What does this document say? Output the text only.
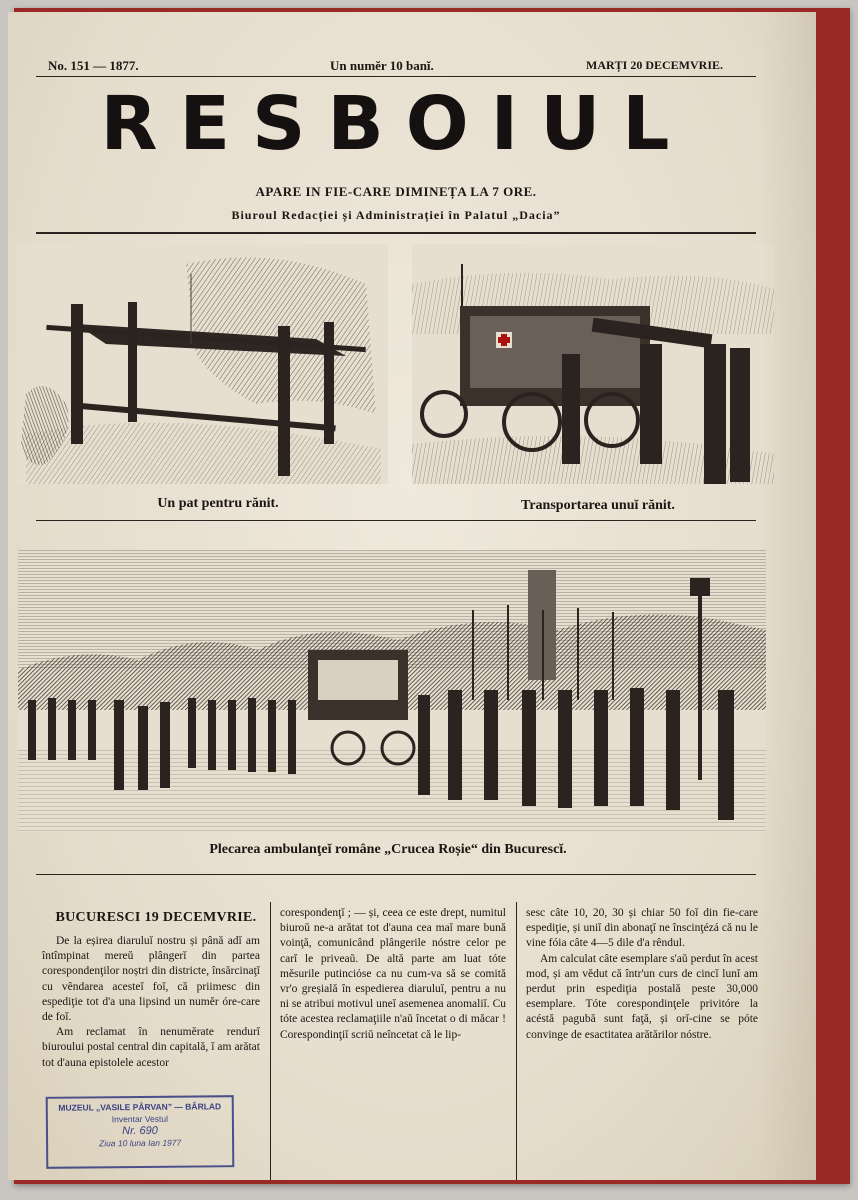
No. 151 — 1877.	Un numĕr 10 banĭ.	MARȚI 20 DECEMVRIE.
RESBOIUL
APARE IN FIE-CARE DIMINEȚA LA 7 ORE.
Biuroul Redacției și Administrației în Palatul „Dacia”
Un pat pentru rănit.	Transportarea unuĭ rănit.
Plecarea ambulanţeĭ române „Crucea Roșie“ din Bucurescĭ.
BUCURESCI 19 DECEMVRIE.

De la eșirea diaruluĭ nostru și până adĭ am întîmpinat mereŭ plângerĭ din partea corespondenţilor noștri din districte, însărcinaţĭ cu vêndarea acesteĭ foĭ, că priimesc din espediţie tot d'a una lipsind un numĕr óre-care de foĭ.

Am reclamat în nenumĕrate rendurĭ biuroului postal central din capitală, ĭ am arătat tot d'auna epistolele acestor

corespondenţĭ ; — și, ceea ce este drept, numitul biuroŭ ne-a arătat tot d'auna cea maĭ mare bună voinţă, comunicând plângerile nóstre celor pe carĭ le priveaŭ. De altă parte am luat tóte mĕsurile putinciόse ca nu cum-va să se comită vr'o greșială în espedierea diaruluĭ, pentru a nu ni se atribui motivul uneĭ asemenea anomaliĭ. Cu tóte acestea reclamaţiile n'aŭ încetat o di măcar ! Corespondinţiĭ scriŭ neîncetat că le lip-

sesc câte 10, 20, 30 și chiar 50 foĭ din fie-care espediţie, și uniĭ din abonaţĭ ne înscinţézá că nu le vine fóia câte 4—5 dile d'a rêndul.

Am calculat câte esemplare s'aŭ perdut în acest mod, și am vĕdut că într'un curs de cincĭ lunĭ am perdut prin espediţia postală peste 30,000 esemplare. Tóte corespondinţele privitóre la acéstă pagubă sunt faţă, și orĭ-cine se póte convinge de esactitatea arătărilor nóstre.

MUZEUL „VASILE PÂRVAN” — BÂRLAD
Inventar Vestul
Nr. 690
Ziua 10 luna Ian 1977
